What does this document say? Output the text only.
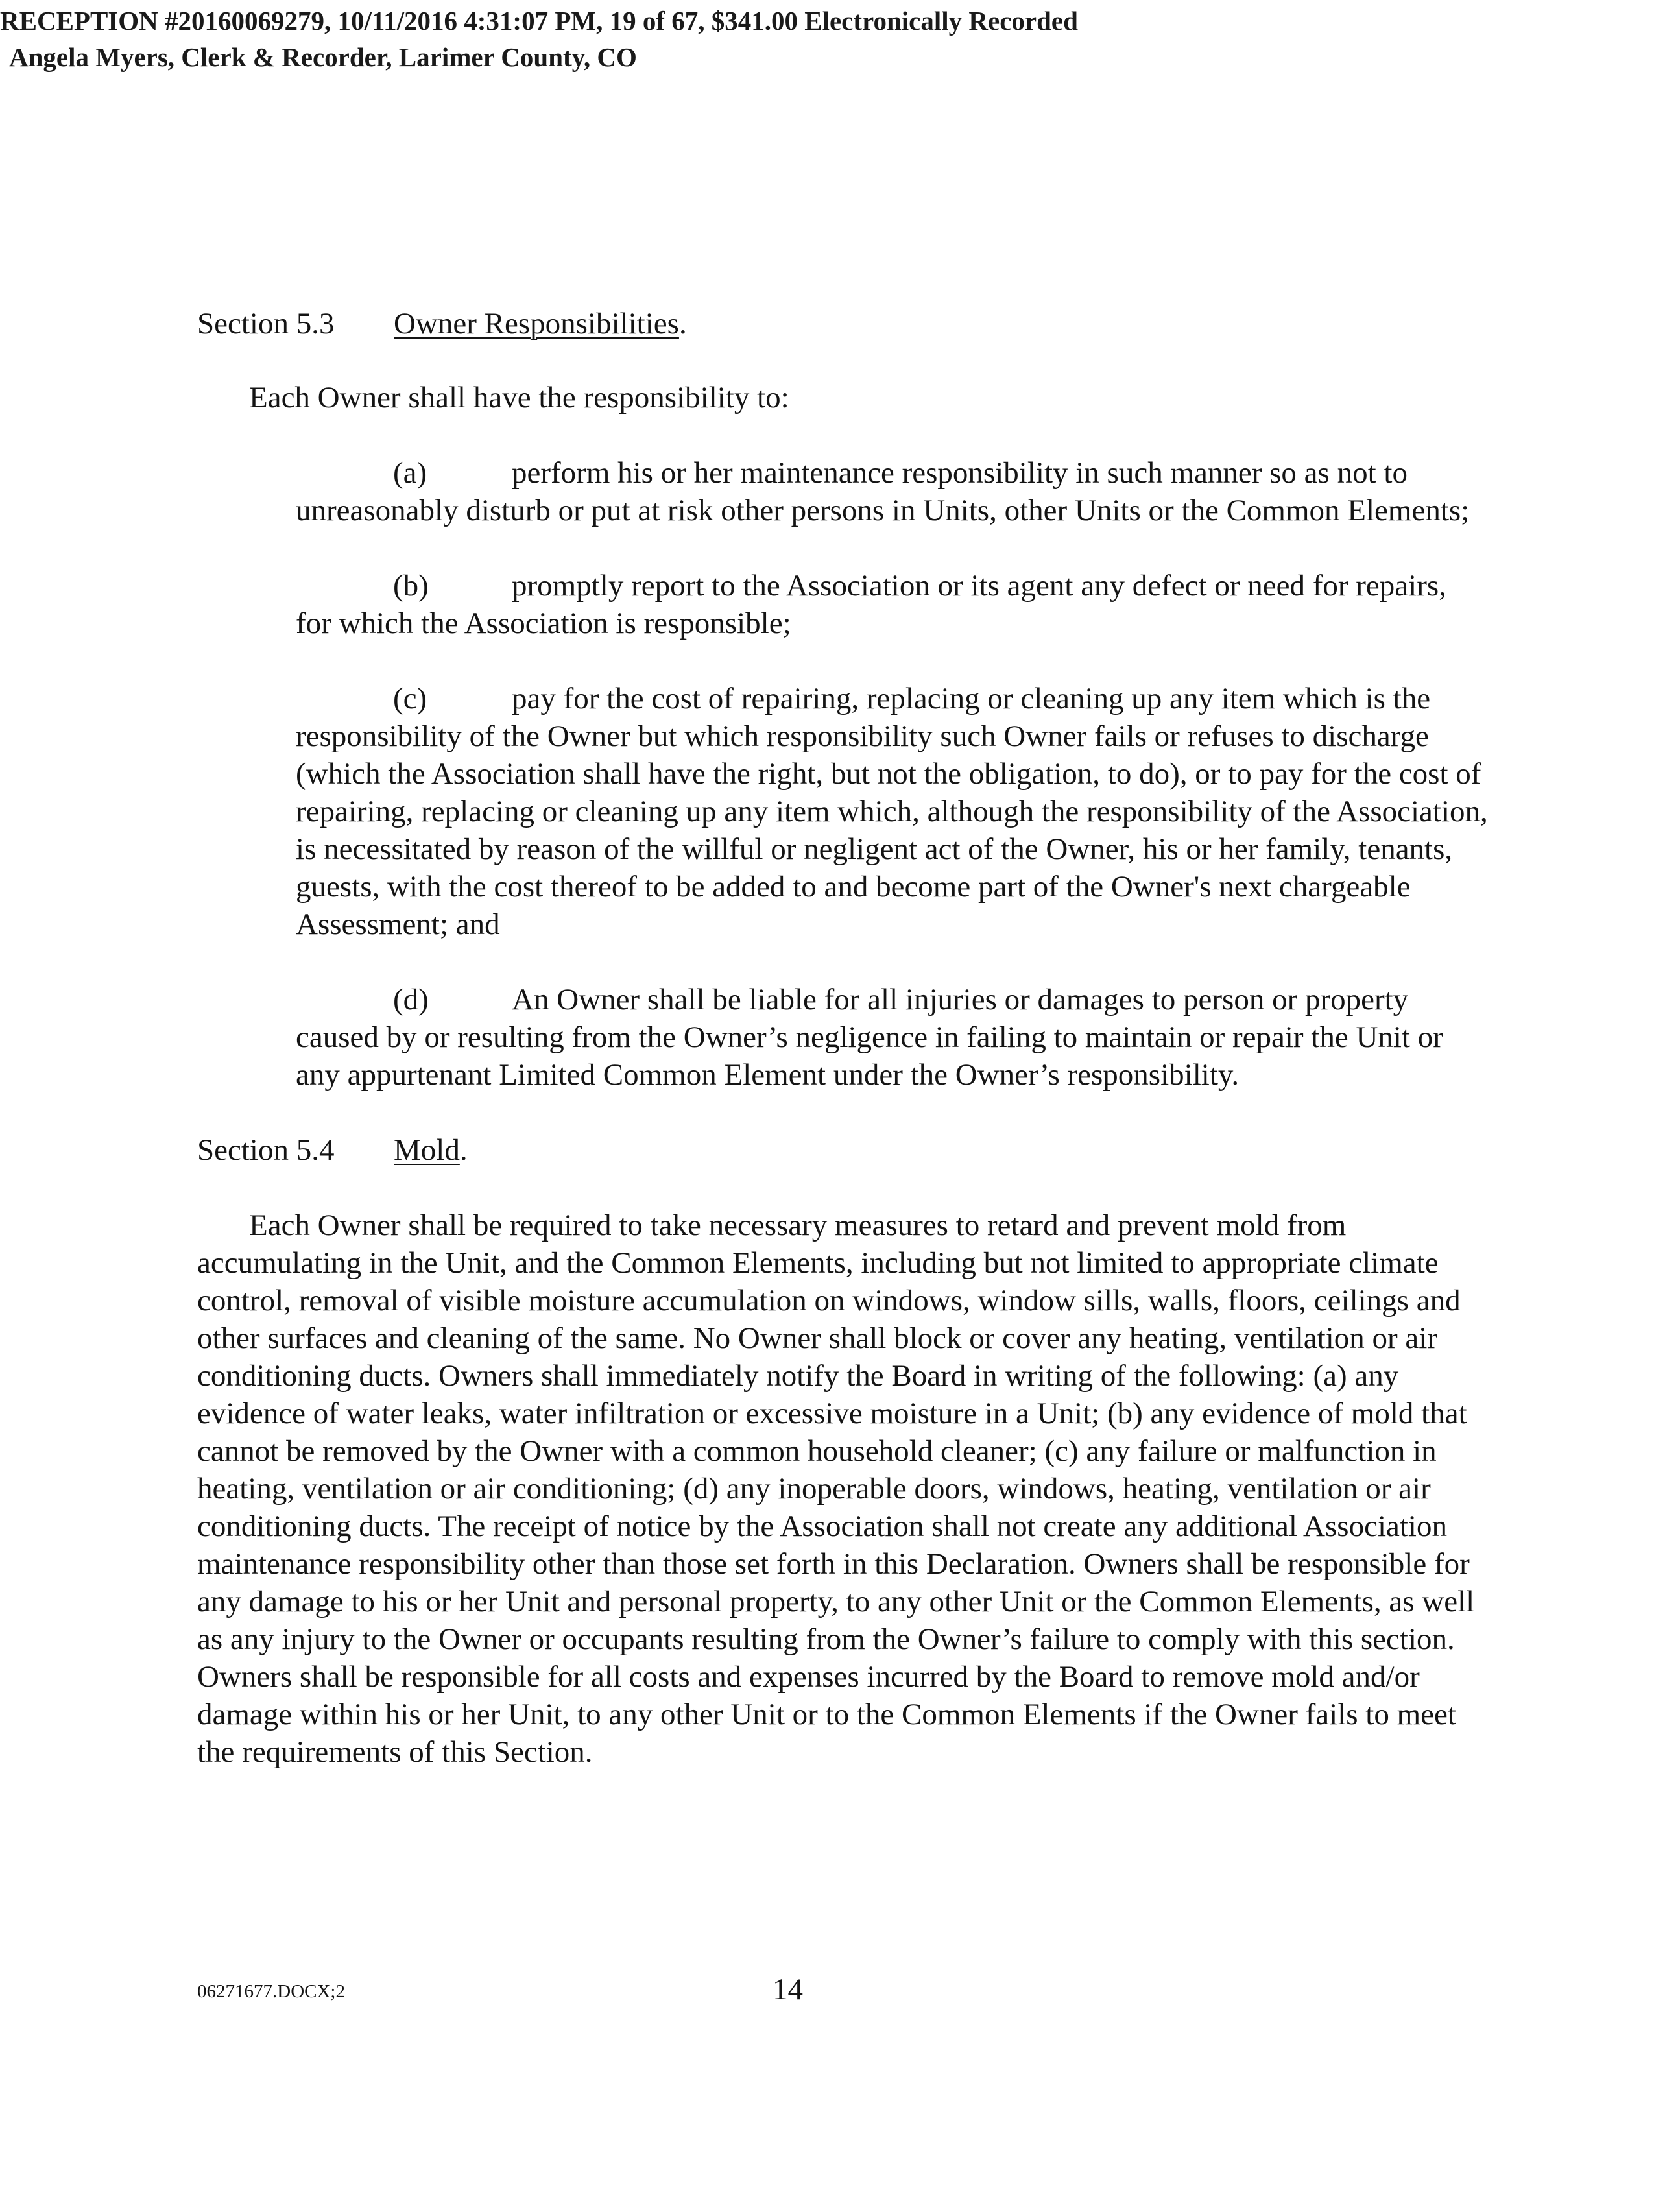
RECEPTION #20160069279, 10/11/2016 4:31:07 PM, 19 of 67, $341.00 Electronically Recorded
Angela Myers, Clerk & Recorder, Larimer County, CO
Section 5.3	Owner Responsibilities .
Each Owner shall have the responsibility to:
(a)	perform his or her maintenance responsibility in such manner so as not to unreasonably disturb or put at risk other persons in Units, other Units or the Common Elements;
(b)	promptly report to the Association or its agent any defect or need for repairs, for which the Association is responsible;
(c)	pay for the cost of repairing, replacing or cleaning up any item which is the responsibility of the Owner but which responsibility such Owner fails or refuses to discharge (which the Association shall have the right, but not the obligation, to do), or to pay for the cost of repairing, replacing or cleaning up any item which, although the responsibility of the Association, is necessitated by reason of the willful or negligent act of the Owner, his or her family, tenants, guests, with the cost thereof to be added to and become part of the Owner's next chargeable Assessment; and
(d)	An Owner shall be liable for all injuries or damages to person or property caused by or resulting from the Owner’s negligence in failing to maintain or repair the Unit or any appurtenant Limited Common Element under the Owner’s responsibility.
Section 5.4	Mold .
Each Owner shall be required to take necessary measures to retard and prevent mold from accumulating in the Unit, and the Common Elements, including but not limited to appropriate climate control, removal of visible moisture accumulation on windows, window sills, walls, floors, ceilings and other surfaces and cleaning of the same. No Owner shall block or cover any heating, ventilation or air conditioning ducts. Owners shall immediately notify the Board in writing of the following: (a) any evidence of water leaks, water infiltration or excessive moisture in a Unit; (b) any evidence of mold that cannot be removed by the Owner with a common household cleaner; (c) any failure or malfunction in heating, ventilation or air conditioning; (d) any inoperable doors, windows, heating, ventilation or air conditioning ducts. The receipt of notice by the Association shall not create any additional Association maintenance responsibility other than those set forth in this Declaration. Owners shall be responsible for any damage to his or her Unit and personal property, to any other Unit or the Common Elements, as well as any injury to the Owner or occupants resulting from the Owner’s failure to comply with this section. Owners shall be responsible for all costs and expenses incurred by the Board to remove mold and/or damage within his or her Unit, to any other Unit or to the Common Elements if the Owner fails to meet the requirements of this Section.
06271677.DOCX;2	14
